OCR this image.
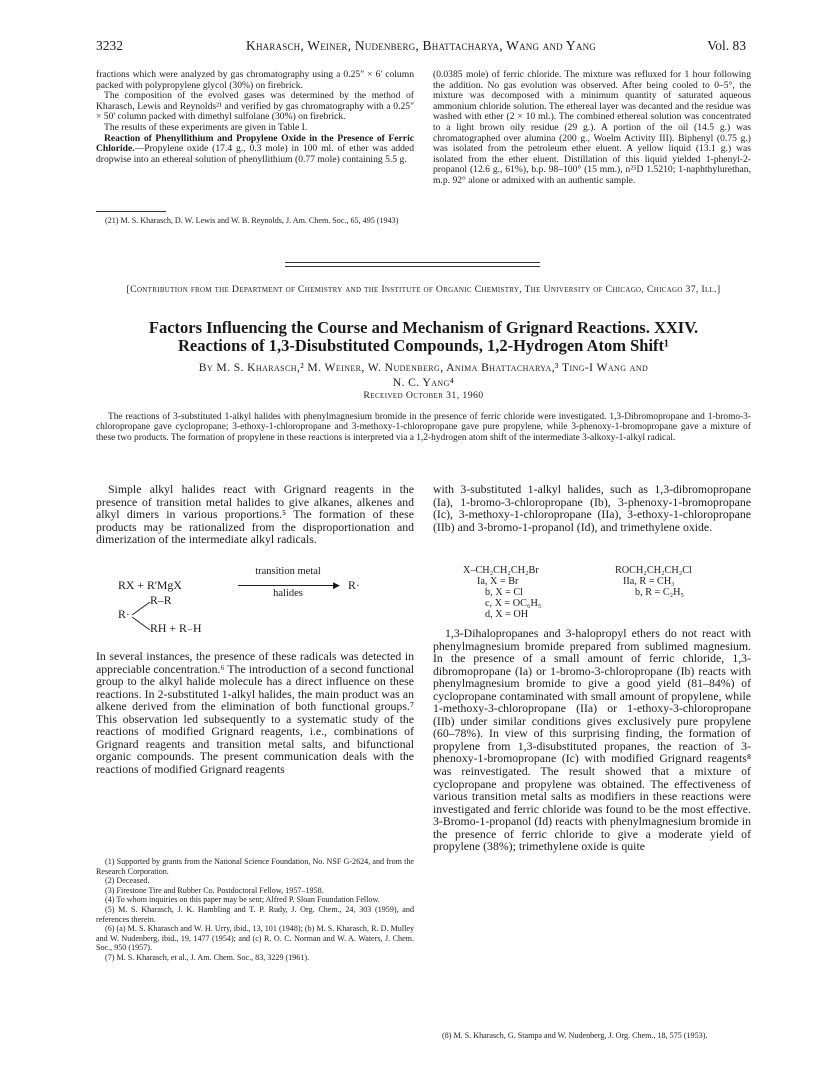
3232	Kharasch, Weiner, Nudenberg, Bhattacharya, Wang and Yang	Vol. 83

fractions which were analyzed by gas chromatography using a 0.25" × 6' column packed with polypropylene glycol (30%) on firebrick.

The composition of the evolved gases was determined by the method of Kharasch, Lewis and Reynolds²¹ and verified by gas chromatography with a 0.25" × 50' column packed with dimethyl sulfolane (30%) on firebrick.

The results of these experiments are given in Table I.

Reaction of Phenyllithium and Propylene Oxide in the Presence of Ferric Chloride.—Propylene oxide (17.4 g., 0.3 mole) in 100 ml. of ether was added dropwise into an ethereal solution of phenyllithium (0.77 mole) containing 5.5 g.

(21) M. S. Kharasch, D. W. Lewis and W. B. Reynolds, J. Am. Chem. Soc., 65, 495 (1943)

(0.0385 mole) of ferric chloride. The mixture was refluxed for 1 hour following the addition. No gas evolution was observed. After being cooled to 0–5°, the mixture was decomposed with a minimum quantity of saturated aqueous ammonium chloride solution. The ethereal layer was decanted and the residue was washed with ether (2 × 10 ml.). The combined ethereal solution was concentrated to a light brown oily residue (29 g.). A portion of the oil (14.5 g.) was chromatographed over alumina (200 g., Woelm Activity III). Biphenyl (0.75 g.) was isolated from the petroleum ether eluent. A yellow liquid (13.1 g.) was isolated from the ether eluent. Distillation of this liquid yielded 1-phenyl-2-propanol (12.6 g., 61%), b.p. 98–100° (15 mm.), n²⁵D 1.5210; 1-naphthylurethan, m.p. 92° alone or admixed with an authentic sample.

[Contribution from the Department of Chemistry and the Institute of Organic Chemistry, The University of Chicago, Chicago 37, Ill.]
Factors Influencing the Course and Mechanism of Grignard Reactions. XXIV.
Reactions of 1,3-Disubstituted Compounds, 1,2-Hydrogen Atom Shift¹
By M. S. Kharasch,² M. Weiner, W. Nudenberg, Anima Bhattacharya,³ Ting-I Wang and
N. C. Yang⁴
Received October 31, 1960

The reactions of 3-substituted 1-alkyl halides with phenylmagnesium bromide in the presence of ferric chloride were investigated. 1,3-Dibromopropane and 1-bromo-3-chloropropane gave cyclopropane; 3-ethoxy-1-chloropropane and 3-methoxy-1-chloropropane gave pure propylene, while 3-phenoxy-1-bromopropane gave a mixture of these two products. The formation of propylene in these reactions is interpreted via a 1,2-hydrogen atom shift of the intermediate 3-alkoxy-1-alkyl radical.

Simple alkyl halides react with Grignard reagents in the presence of transition metal halides to give alkanes, alkenes and alkyl dimers in various proportions.⁵ The formation of these products may be rationalized from the disproportionation and dimerization of the intermediate alkyl radicals.

RX + R'MgX
transition metal
▶
halides
R·
R·
R–R
RH + R₋H

In several instances, the presence of these radicals was detected in appreciable concentration.⁶ The introduction of a second functional group to the alkyl halide molecule has a direct influence on these reactions. In 2-substituted 1-alkyl halides, the main product was an alkene derived from the elimination of both functional groups.⁷ This observation led subsequently to a systematic study of the reactions of modified Grignard reagents, i.e., combinations of Grignard reagents and transition metal salts, and bifunctional organic compounds. The present communication deals with the reactions of modified Grignard reagents

(1) Supported by grants from the National Science Foundation, No. NSF G-2624, and from the Research Corporation.

(2) Deceased.

(3) Firestone Tire and Rubber Co. Postdoctoral Fellow, 1957–1958.

(4) To whom inquiries on this paper may be sent; Alfred P. Sloan Foundation Fellow.

(5) M. S. Kharasch, J. K. Hambling and T. P. Rudy, J. Org. Chem., 24, 303 (1959), and references therein.

(6) (a) M. S. Kharasch and W. H. Urry, ibid., 13, 101 (1948); (b) M. S. Kharasch, R. D. Mulley and W. Nudenberg, ibid., 19, 1477 (1954); and (c) R. O. C. Norman and W. A. Waters, J. Chem. Soc., 950 (1957).

(7) M. S. Kharasch, et al., J. Am. Chem. Soc., 83, 3229 (1961).

with 3-substituted 1-alkyl halides, such as 1,3-dibromopropane (Ia), 1-bromo-3-chloropropane (Ib), 3-phenoxy-1-bromopropane (Ic), 3-methoxy-1-chloropropane (IIa), 3-ethoxy-1-chloropropane (IIb) and 3-bromo-1-propanol (Id), and trimethylene oxide.

X–CH₂CH₂CH₂Br
Ia, X = Br
b, X = Cl
c, X = OC₆H₅
d, X = OH
ROCH₂CH₂CH₂Cl
IIa, R = CH₃
b, R = C₂H₅

1,3-Dihalopropanes and 3-halopropyl ethers do not react with phenylmagnesium bromide prepared from sublimed magnesium. In the presence of a small amount of ferric chloride, 1,3-dibromopropane (Ia) or 1-bromo-3-chloropropane (Ib) reacts with phenylmagnesium bromide to give a good yield (81–84%) of cyclopropane contaminated with small amount of propylene, while 1-methoxy-3-chloropropane (IIa) or 1-ethoxy-3-chloropropane (IIb) under similar conditions gives exclusively pure propylene (60–78%). In view of this surprising finding, the formation of propylene from 1,3-disubstituted propanes, the reaction of 3-phenoxy-1-bromopropane (Ic) with modified Grignard reagents⁸ was reinvestigated. The result showed that a mixture of cyclopropane and propylene was obtained. The effectiveness of various transition metal salts as modifiers in these reactions were investigated and ferric chloride was found to be the most effective. 3-Bromo-1-propanol (Id) reacts with phenylmagnesium bromide in the presence of ferric chloride to give a moderate yield of propylene (38%); trimethylene oxide is quite

(8) M. S. Kharasch, G. Stampa and W. Nudenberg, J. Org. Chem., 18, 575 (1953).
